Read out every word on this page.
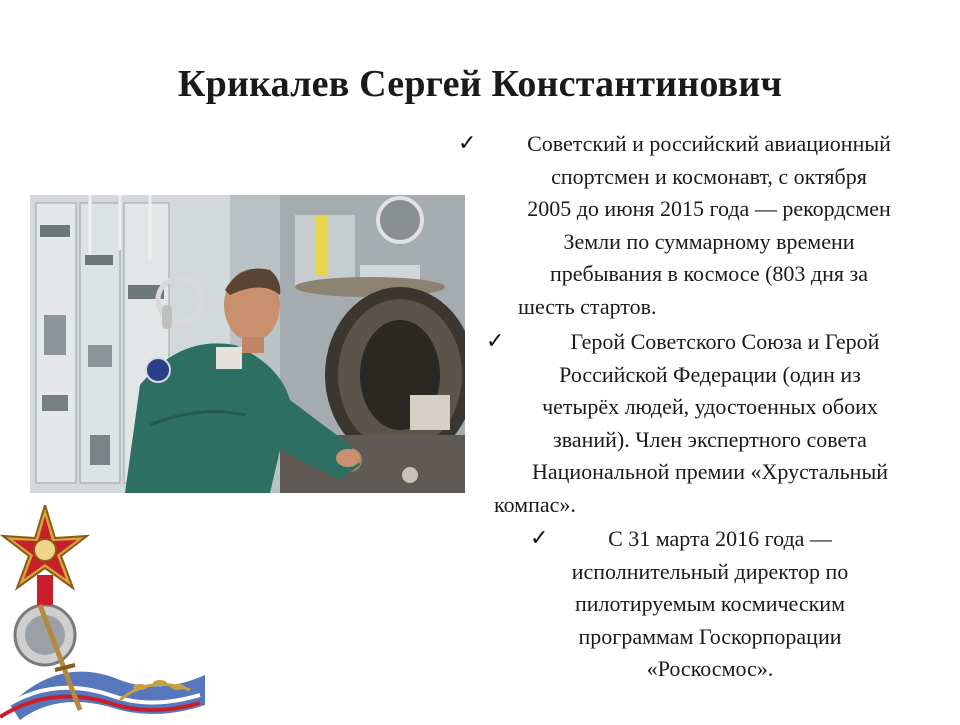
Крикалев Сергей Константинович
✓	Советский и российский авиационный
спортсмен и космонавт, с октября
2005 до июня 2015 года — рекордсмен
Земли по суммарному времени
пребывания в космосе (803 дня за
шесть стартов.
✓	Герой Советского Союза и Герой
Российской Федерации (один из
четырёх людей, удостоенных обоих
званий). Член экспертного совета
Национальной премии «Хрустальный
компас».
✓	С 31 марта 2016 года —
исполнительный директор по
пилотируемым космическим
программам Госкорпорации
«Роскосмос».
